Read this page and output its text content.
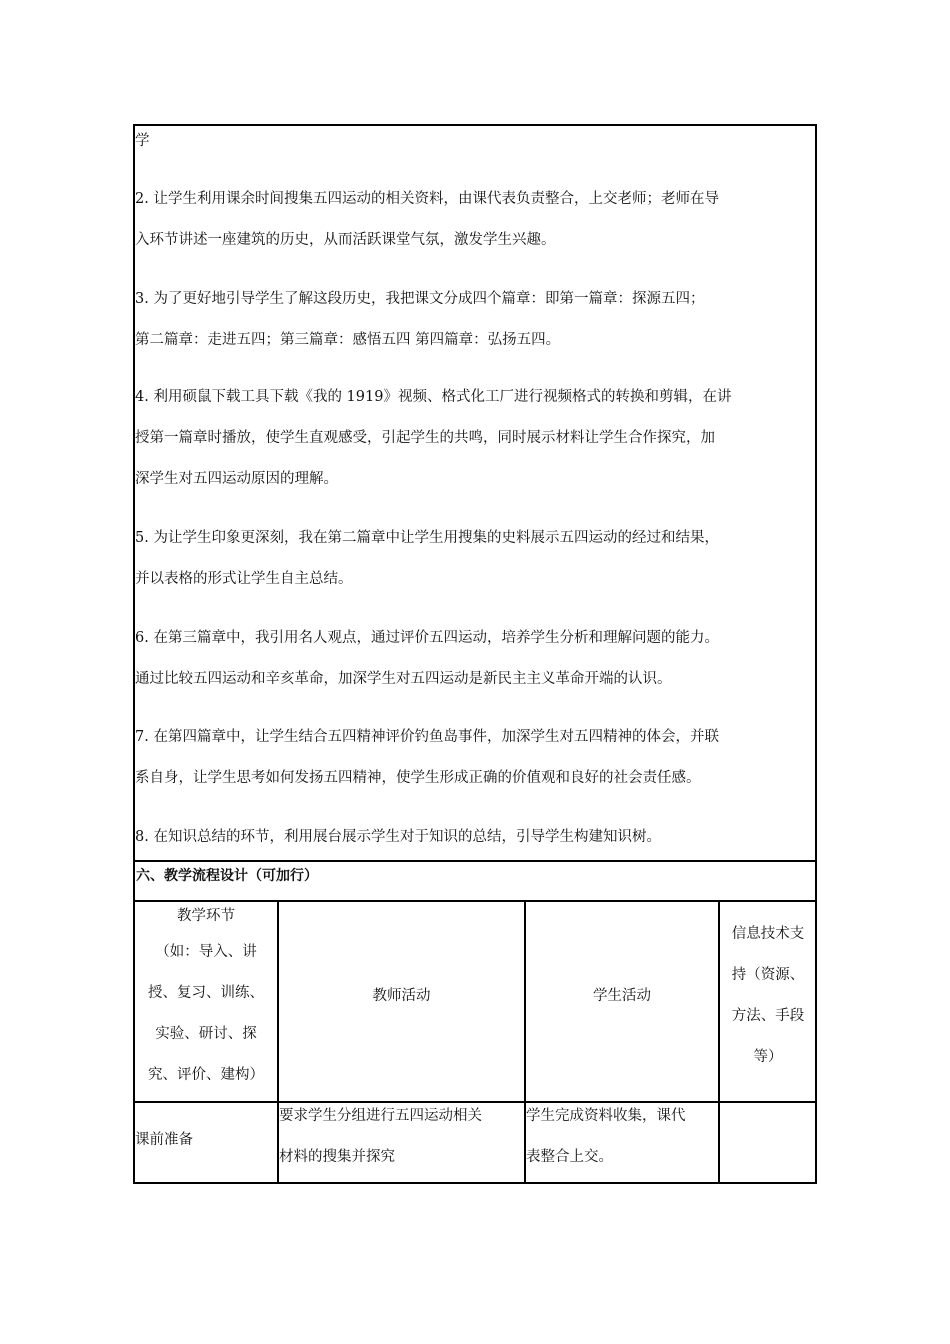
学
2. 让学生利用课余时间搜集五四运动的相关资料，由课代表负责整合，上交老师；老师在导
入环节讲述一座建筑的历史，从而活跃课堂气氛，激发学生兴趣。
3. 为了更好地引导学生了解这段历史，我把课文分成四个篇章：即第一篇章：探源五四；
第二篇章：走进五四；第三篇章：感悟五四 第四篇章：弘扬五四。
4. 利用硕鼠下载工具下载《我的 1919》视频、格式化工厂进行视频格式的转换和剪辑，在讲
授第一篇章时播放，使学生直观感受，引起学生的共鸣，同时展示材料让学生合作探究，加
深学生对五四运动原因的理解。
5. 为让学生印象更深刻，我在第二篇章中让学生用搜集的史料展示五四运动的经过和结果，
并以表格的形式让学生自主总结。
6. 在第三篇章中，我引用名人观点，通过评价五四运动，培养学生分析和理解问题的能力。
通过比较五四运动和辛亥革命，加深学生对五四运动是新民主主义革命开端的认识。
7. 在第四篇章中，让学生结合五四精神评价钓鱼岛事件，加深学生对五四精神的体会，并联
系自身，让学生思考如何发扬五四精神，使学生形成正确的价值观和良好的社会责任感。
8. 在知识总结的环节，利用展台展示学生对于知识的总结，引导学生构建知识树。
六、教学流程设计（可加行）
教学环节
（如：导入、讲
授、复习、训练、
实验、研讨、探
究、评价、建构）
教师活动	学生活动
信息技术支
持（资源、
方法、手段
等）
课前准备
要求学生分组进行五四运动相关
材料的搜集并探究
学生完成资料收集，课代
表整合上交。
